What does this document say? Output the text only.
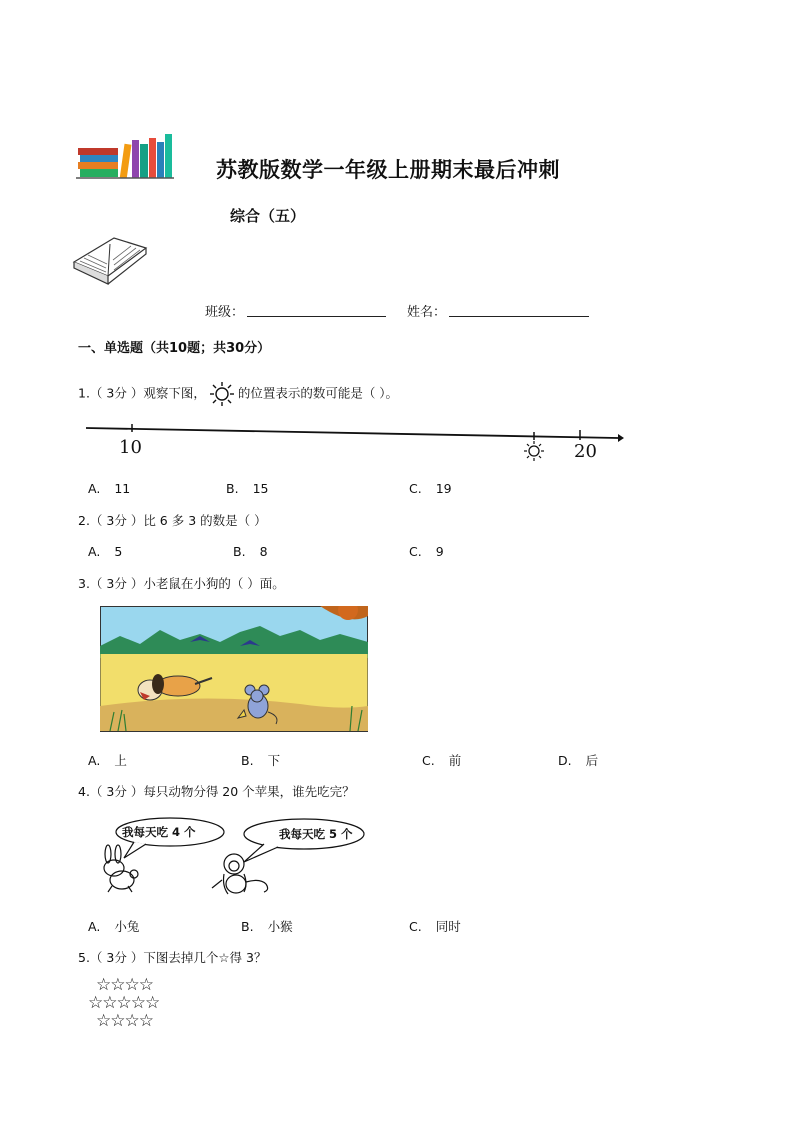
苏教版数学一年级上册期末最后冲刺
综合（五）
班级：	姓名：
一、单选题（共10题；共30分）
1.（ 3分 ）观察下图，	的位置表示的数可能是（ ）。
10	20
A. 11	B. 15	C. 19
2.（ 3分 ）比 6 多 3 的数是（ ）
A. 5	B. 8	C. 9
3.（ 3分 ）小老鼠在小狗的（ ）面。
A. 上	B. 下	C. 前	D. 后
4.（ 3分 ）每只动物分得 20 个苹果，谁先吃完？
我每天吃 4 个	我每天吃 5 个
A. 小兔	B. 小猴	C. 同时
5.（ 3分 ）下图去掉几个☆得 3？
☆☆☆☆
☆☆☆☆☆
☆☆☆☆
